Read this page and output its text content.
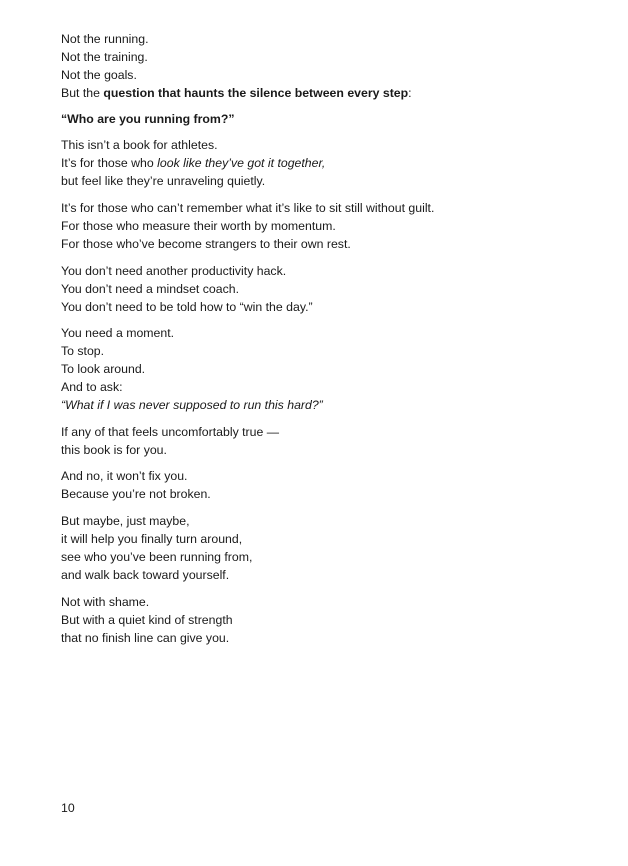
Not the running.
Not the training.
Not the goals.
But the question that haunts the silence between every step:
“Who are you running from?”
This isn’t a book for athletes.
It’s for those who look like they’ve got it together,
but feel like they’re unraveling quietly.
It’s for those who can’t remember what it’s like to sit still without guilt.
For those who measure their worth by momentum.
For those who’ve become strangers to their own rest.
You don’t need another productivity hack.
You don’t need a mindset coach.
You don’t need to be told how to “win the day.”
You need a moment.
To stop.
To look around.
And to ask:
“What if I was never supposed to run this hard?”
If any of that feels uncomfortably true —
this book is for you.
And no, it won’t fix you.
Because you’re not broken.
But maybe, just maybe,
it will help you finally turn around,
see who you’ve been running from,
and walk back toward yourself.
Not with shame.
But with a quiet kind of strength
that no finish line can give you.
10
